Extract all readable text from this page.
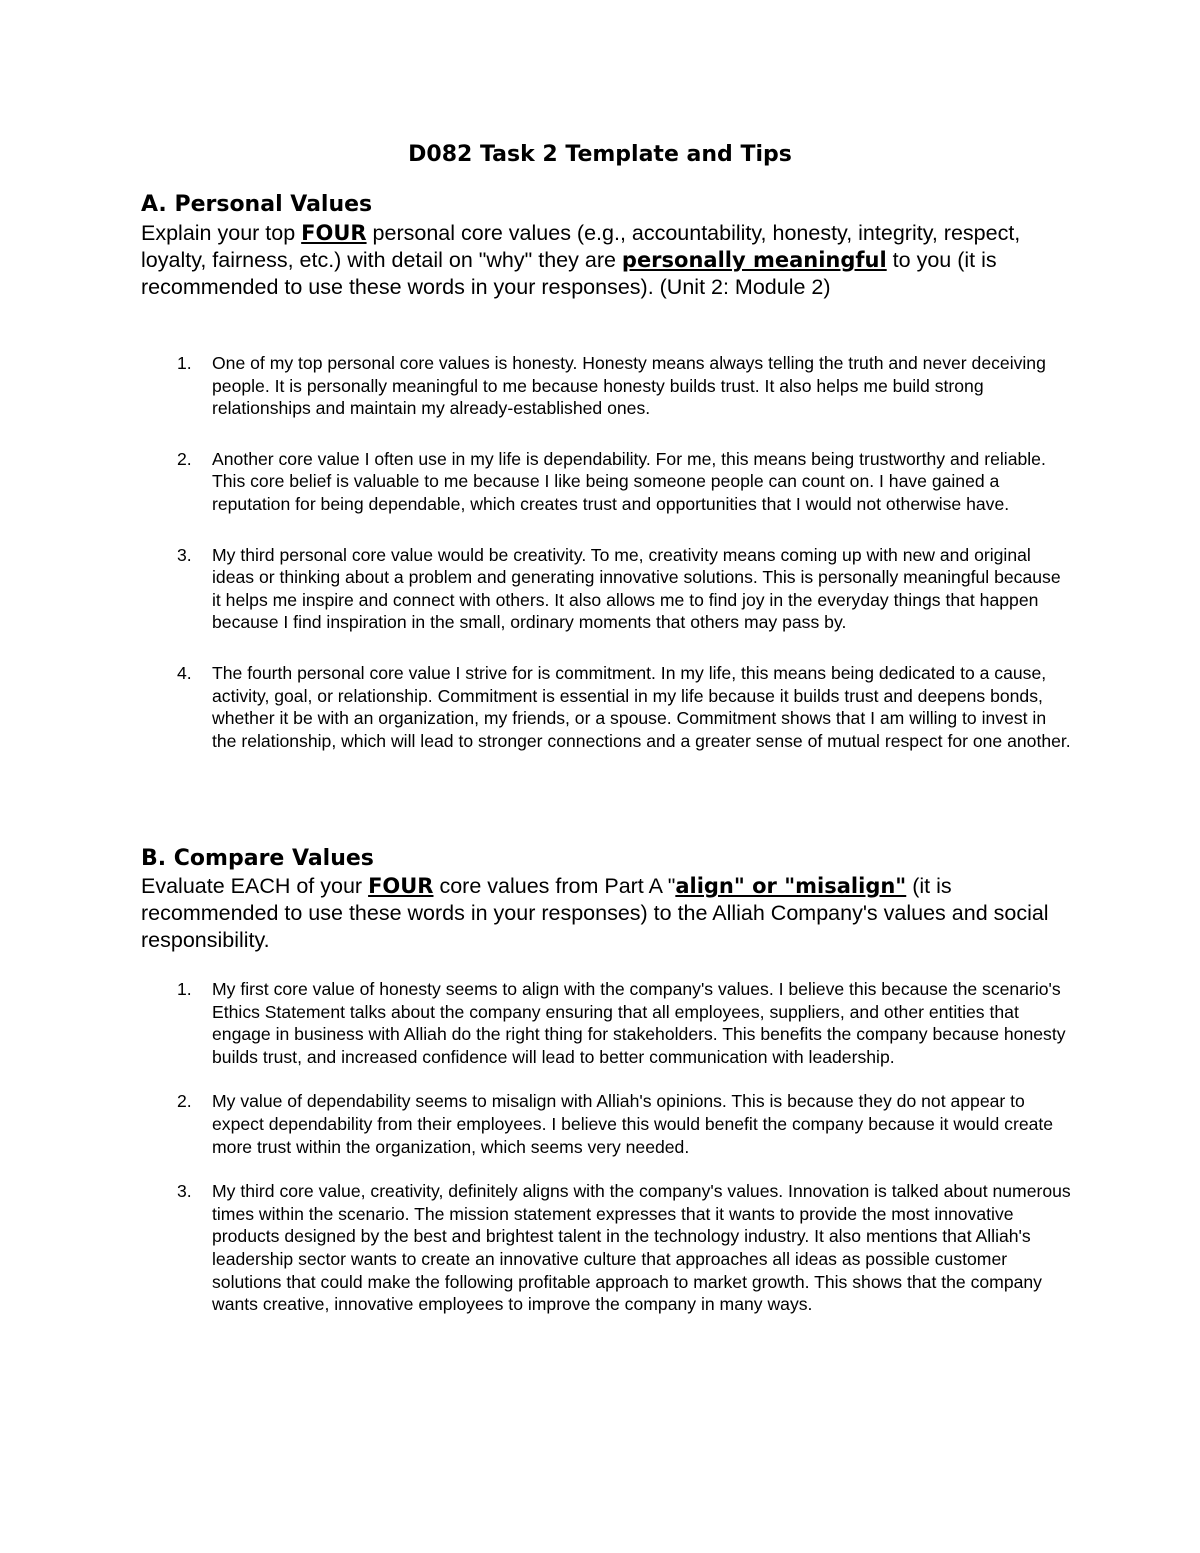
D082 Task 2 Template and Tips
A. Personal Values
Explain your top FOUR personal core values (e.g., accountability, honesty, integrity, respect, loyalty, fairness, etc.) with detail on "why" they are personally meaningful to you (it is recommended to use these words in your responses). (Unit 2: Module 2)
1. One of my top personal core values is honesty. Honesty means always telling the truth and never deceiving people. It is personally meaningful to me because honesty builds trust. It also helps me build strong relationships and maintain my already-established ones.
2. Another core value I often use in my life is dependability. For me, this means being trustworthy and reliable. This core belief is valuable to me because I like being someone people can count on. I have gained a reputation for being dependable, which creates trust and opportunities that I would not otherwise have.
3. My third personal core value would be creativity. To me, creativity means coming up with new and original ideas or thinking about a problem and generating innovative solutions. This is personally meaningful because it helps me inspire and connect with others. It also allows me to find joy in the everyday things that happen because I find inspiration in the small, ordinary moments that others may pass by.
4. The fourth personal core value I strive for is commitment. In my life, this means being dedicated to a cause, activity, goal, or relationship. Commitment is essential in my life because it builds trust and deepens bonds, whether it be with an organization, my friends, or a spouse. Commitment shows that I am willing to invest in the relationship, which will lead to stronger connections and a greater sense of mutual respect for one another.
B. Compare Values
Evaluate EACH of your FOUR core values from Part A "align" or "misalign" (it is recommended to use these words in your responses) to the Alliah Company's values and social responsibility.
1. My first core value of honesty seems to align with the company's values. I believe this because the scenario's Ethics Statement talks about the company ensuring that all employees, suppliers, and other entities that engage in business with Alliah do the right thing for stakeholders. This benefits the company because honesty builds trust, and increased confidence will lead to better communication with leadership.
2. My value of dependability seems to misalign with Alliah's opinions. This is because they do not appear to expect dependability from their employees. I believe this would benefit the company because it would create more trust within the organization, which seems very needed.
3. My third core value, creativity, definitely aligns with the company's values. Innovation is talked about numerous times within the scenario. The mission statement expresses that it wants to provide the most innovative products designed by the best and brightest talent in the technology industry. It also mentions that Alliah's leadership sector wants to create an innovative culture that approaches all ideas as possible customer solutions that could make the following profitable approach to market growth. This shows that the company wants creative, innovative employees to improve the company in many ways.
